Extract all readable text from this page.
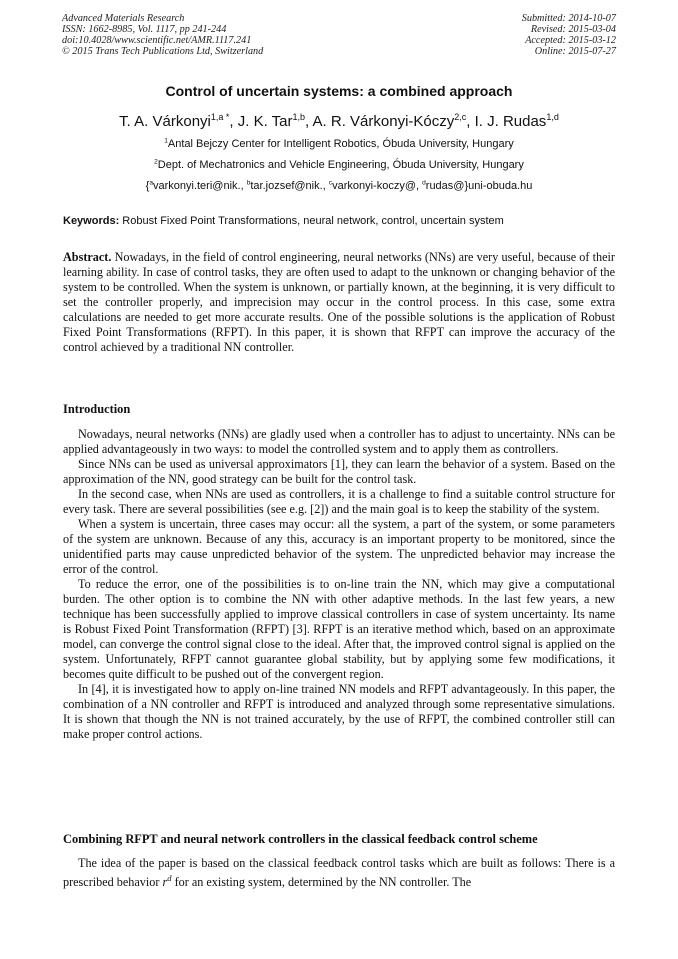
Advanced Materials Research
ISSN: 1662-8985, Vol. 1117, pp 241-244
doi:10.4028/www.scientific.net/AMR.1117.241
© 2015 Trans Tech Publications Ltd, Switzerland
Submitted: 2014-10-07
Revised: 2015-03-04
Accepted: 2015-03-12
Online: 2015-07-27
Control of uncertain systems: a combined approach
T. A. Várkonyi$^{1,a *}$, J. K. Tar$^{1,b}$, A. R. Várkonyi-Kóczy$^{2,c}$, I. J. Rudas$^{1,d}$
$^1$Antal Bejczy Center for Intelligent Robotics, Óbuda University, Hungary
$^2$Dept. of Mechatronics and Vehicle Engineering, Óbuda University, Hungary
{$^a$varkonyi.teri@nik., $^b$tar.jozsef@nik., $^c$varkonyi-koczy@, $^d$rudas@}uni-obuda.hu
Keywords: Robust Fixed Point Transformations, neural network, control, uncertain system
Abstract. Nowadays, in the field of control engineering, neural networks (NNs) are very useful, because of their learning ability. In case of control tasks, they are often used to adapt to the unknown or changing behavior of the system to be controlled. When the system is unknown, or partially known, at the beginning, it is very difficult to set the controller properly, and imprecision may occur in the control process. In this case, some extra calculations are needed to get more accurate results. One of the possible solutions is the application of Robust Fixed Point Transformations (RFPT). In this paper, it is shown that RFPT can improve the accuracy of the control achieved by a traditional NN controller.
Introduction

Nowadays, neural networks (NNs) are gladly used when a controller has to adjust to uncertainty. NNs can be applied advantageously in two ways: to model the controlled system and to apply them as controllers.

Since NNs can be used as universal approximators [1], they can learn the behavior of a system. Based on the approximation of the NN, good strategy can be built for the control task.

In the second case, when NNs are used as controllers, it is a challenge to find a suitable control structure for every task. There are several possibilities (see e.g. [2]) and the main goal is to keep the stability of the system.

When a system is uncertain, three cases may occur: all the system, a part of the system, or some parameters of the system are unknown. Because of any this, accuracy is an important property to be monitored, since the unidentified parts may cause unpredicted behavior of the system. The unpredicted behavior may increase the error of the control.

To reduce the error, one of the possibilities is to on-line train the NN, which may give a computational burden. The other option is to combine the NN with other adaptive methods. In the last few years, a new technique has been successfully applied to improve classical controllers in case of system uncertainty. Its name is Robust Fixed Point Transformation (RFPT) [3]. RFPT is an iterative method which, based on an approximate model, can converge the control signal close to the ideal. After that, the improved control signal is applied on the system. Unfortunately, RFPT cannot guarantee global stability, but by applying some few modifications, it becomes quite difficult to be pushed out of the convergent region.

In [4], it is investigated how to apply on-line trained NN models and RFPT advantageously. In this paper, the combination of a NN controller and RFPT is introduced and analyzed through some representative simulations. It is shown that though the NN is not trained accurately, by the use of RFPT, the combined controller still can make proper control actions.

Combining RFPT and neural network controllers in the classical feedback control scheme

The idea of the paper is based on the classical feedback control tasks which are built as follows: There is a prescribed behavior $r^d$ for an existing system, determined by the NN controller. The
